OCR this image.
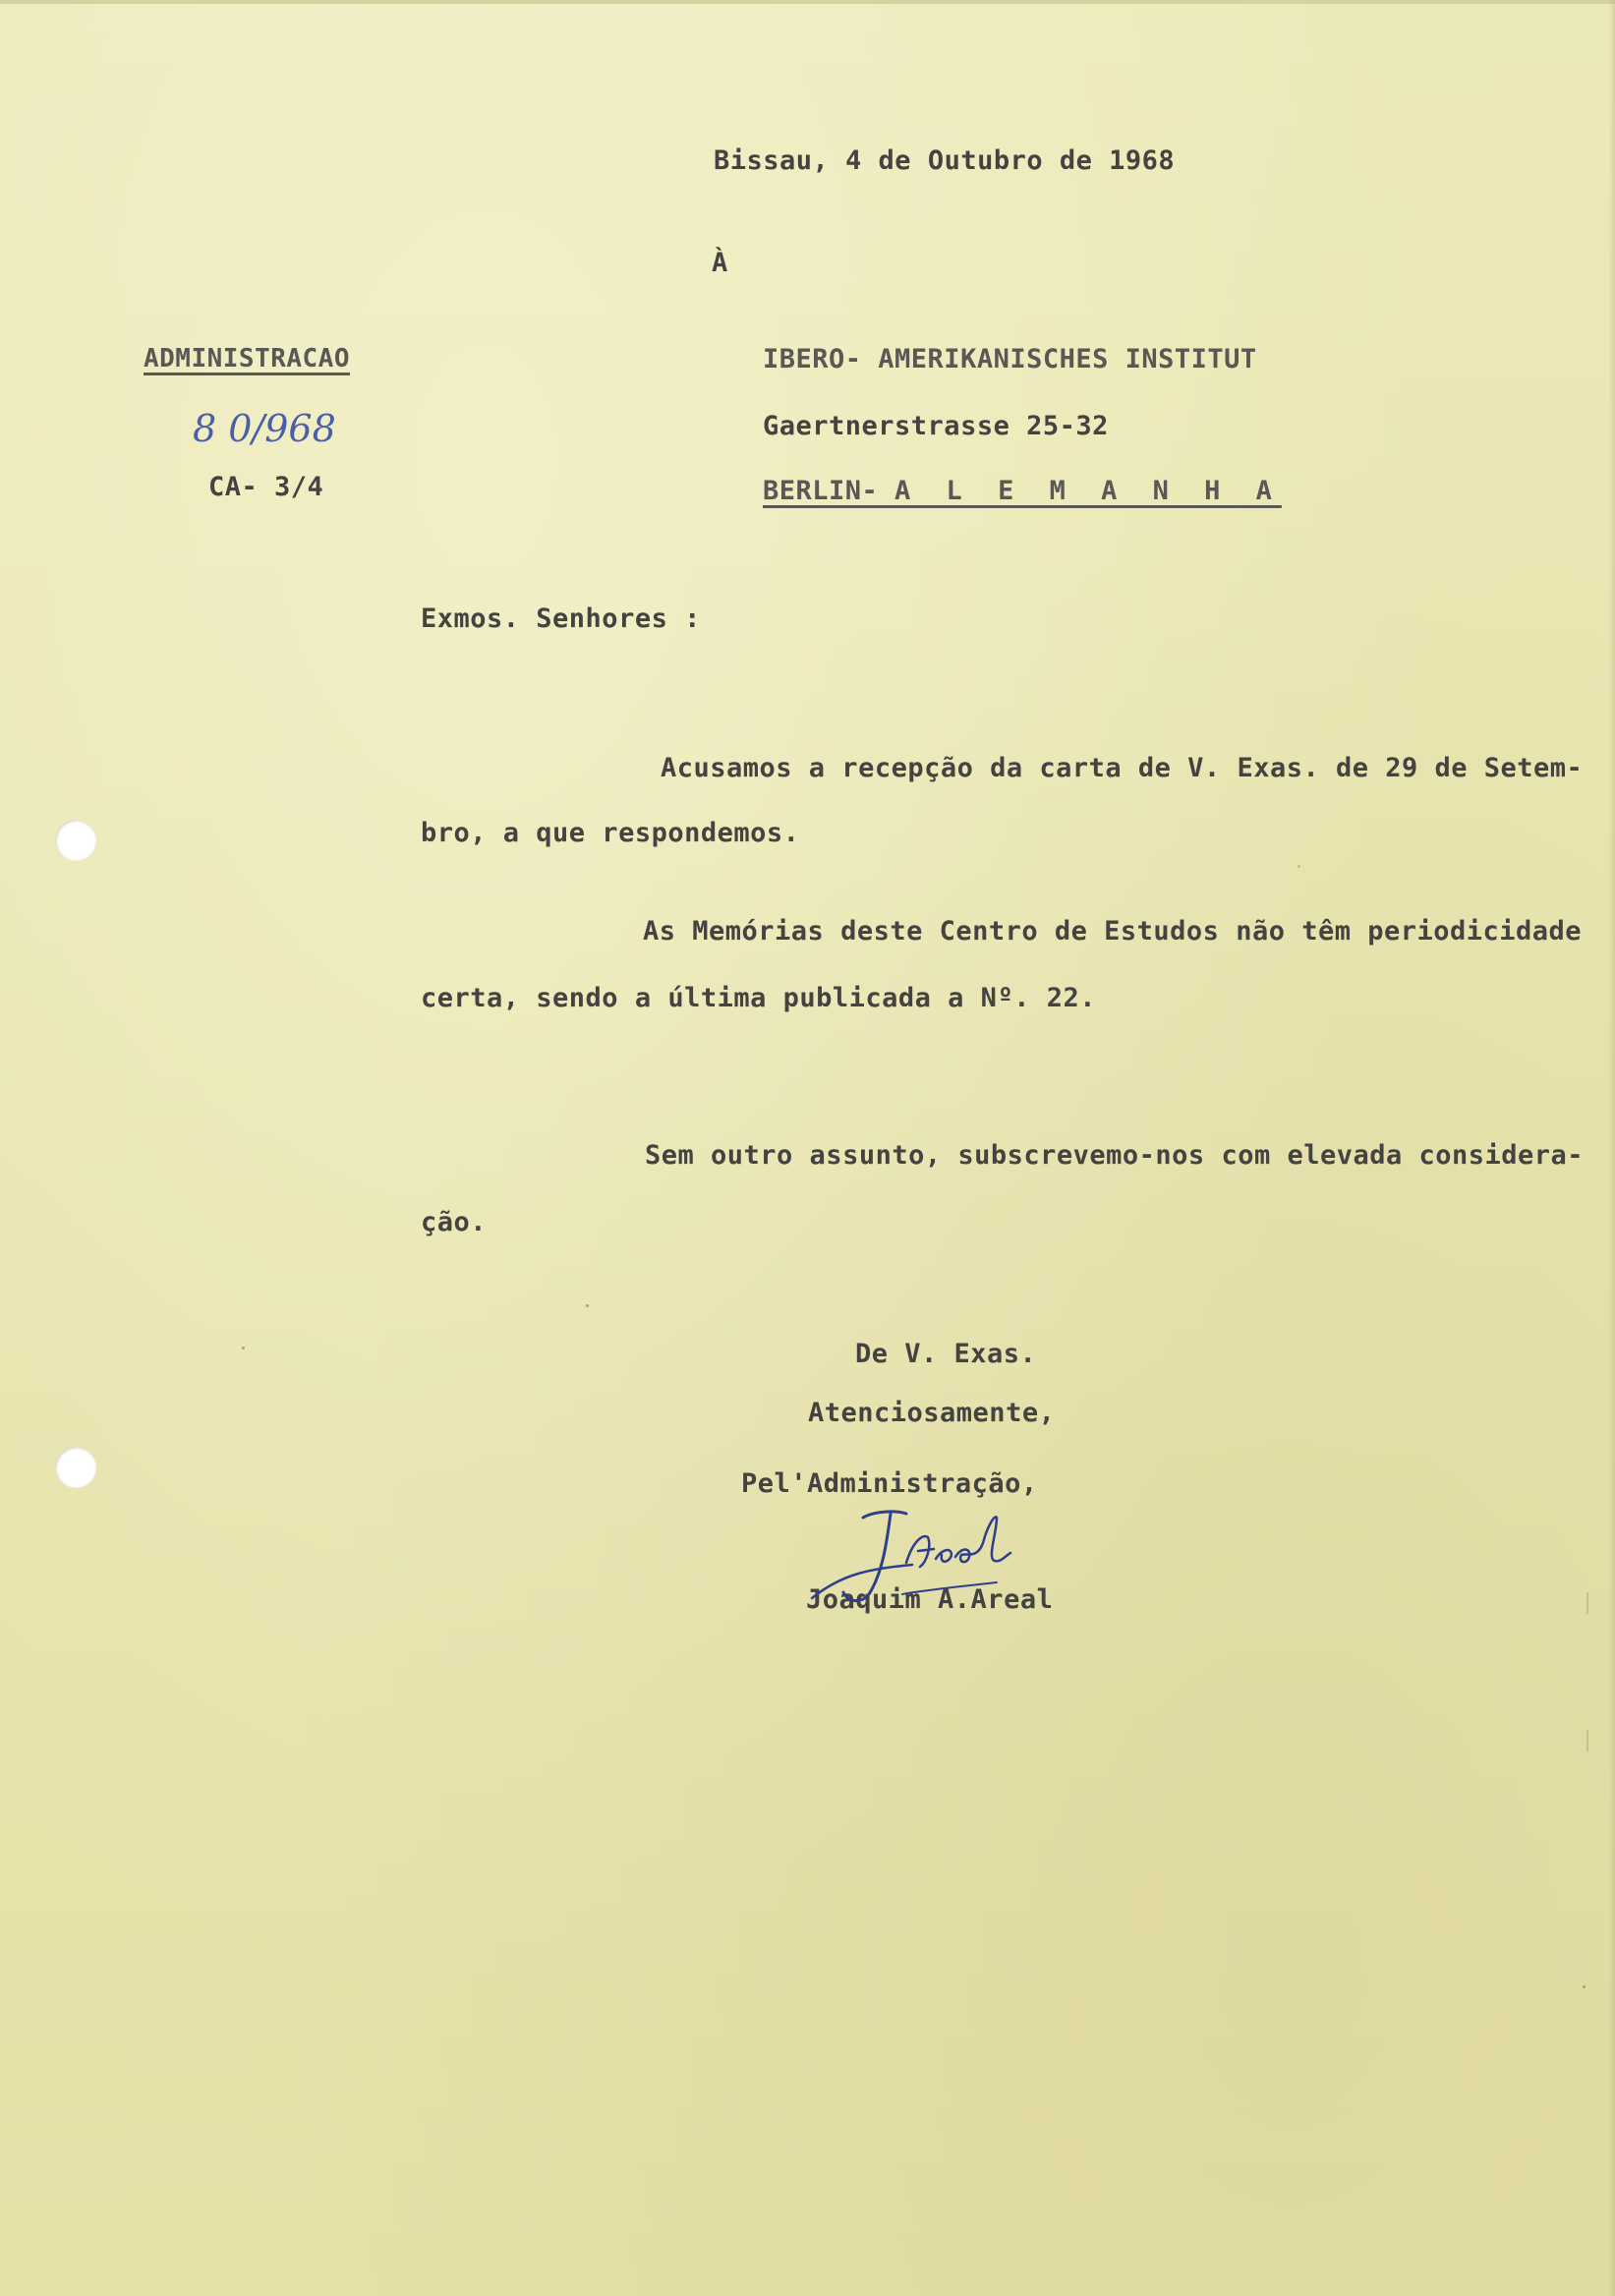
Bissau, 4 de Outubro de 1968
À
ADMINISTRACAO
8 0/968
CA- 3/4
IBERO- AMERIKANISCHES INSTITUT
Gaertnerstrasse 25-32
BERLIN- A L E M A N H A
Exmos. Senhores :
Acusamos a recepção da carta de V. Exas. de 29 de Setem-
bro, a que respondemos.
As Memórias deste Centro de Estudos não têm periodicidade
certa, sendo a última publicada a Nº. 22.
Sem outro assunto, subscrevemo-nos com elevada considera-
ção.
De V. Exas.
Atenciosamente,
Pel'Administração,
Joaquim A.Areal
